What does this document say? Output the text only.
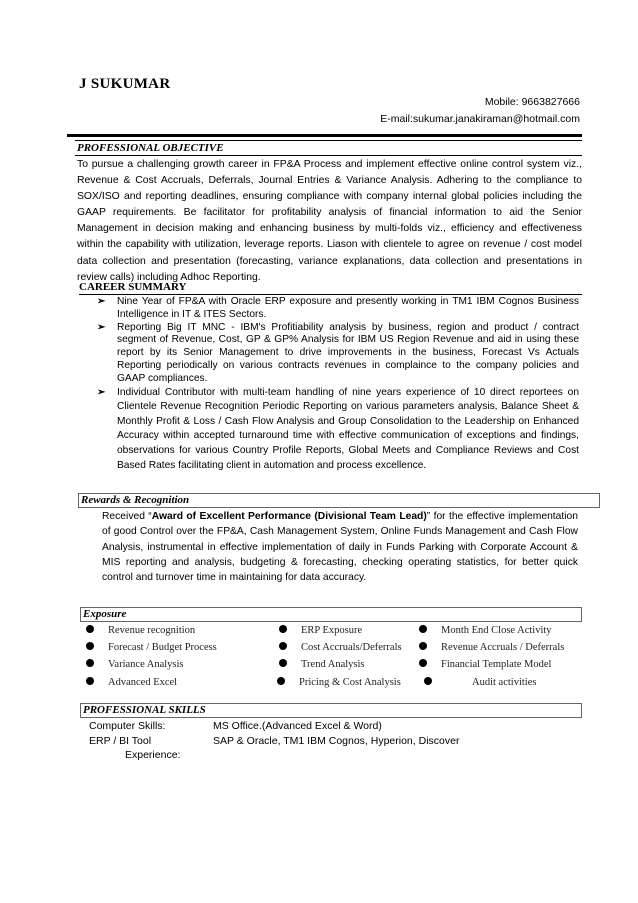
J SUKUMAR
Mobile: 9663827666
E-mail:sukumar.janakiraman@hotmail.com
PROFESSIONAL OBJECTIVE
To pursue a challenging growth career in FP&A Process and implement effective online control system viz., Revenue & Cost Accruals, Deferrals, Journal Entries & Variance Analysis. Adhering to the compliance to SOX/ISO and reporting deadlines, ensuring compliance with company internal global policies including the GAAP requirements. Be facilitator for profitability analysis of financial information to aid the Senior Management in decision making and enhancing business by multi-folds viz., efficiency and effectiveness within the capability with utilization, leverage reports. Liason with clientele to agree on revenue / cost model data collection and presentation (forecasting, variance explanations, data collection and presentations in review calls) including Adhoc Reporting.
CAREER SUMMARY
➢ Nine Year of FP&A with Oracle ERP exposure and presently working in TM1 IBM Cognos Business Intelligence in IT & ITES Sectors.
➢ Reporting Big IT MNC - IBM's Profitiability analysis by business, region and product / contract segment of Revenue, Cost, GP & GP% Analysis for IBM US Region Revenue and aid in using these report by its Senior Management to drive improvements in the business, Forecast Vs Actuals Reporting periodically on various contracts revenues in complaince to the company policies and GAAP compliances.
➢ Individual Contributor with multi-team handling of nine years experience of 10 direct reportees on Clientele Revenue Recognition Periodic Reporting on various parameters analysis, Balance Sheet & Monthly Profit & Loss / Cash Flow Analysis and Group Consolidation to the Leadership on Enhanced Accuracy within accepted turnaround time with effective communication of exceptions and findings, observations for various Country Profile Reports, Global Meets and Compliance Reviews and Cost Based Rates facilitating client in automation and process excellence.
Rewards & Recognition
Received “Award of Excellent Performance (Divisional Team Lead)” for the effective implementation of good Control over the FP&A, Cash Management System, Online Funds Management and Cash Flow Analysis, instrumental in effective implementation of daily in Funds Parking with Corporate Account & MIS reporting and analysis, budgeting & forecasting, checking operating statistics, for better quick control and turnover time in maintaining for data accuracy.
Exposure
Revenue recognition	ERP Exposure	Month End Close Activity
Forecast / Budget Process	Cost Accruals/Deferrals	Revenue Accruals / Deferrals
Variance Analysis	Trend Analysis	Financial Template Model
Advanced Excel	Pricing & Cost Analysis	Audit activities
PROFESSIONAL SKILLS
Computer Skills:	MS Office.(Advanced Excel & Word)
ERP / BI Tool	SAP & Oracle, TM1 IBM Cognos, Hyperion, Discover
Experience:
